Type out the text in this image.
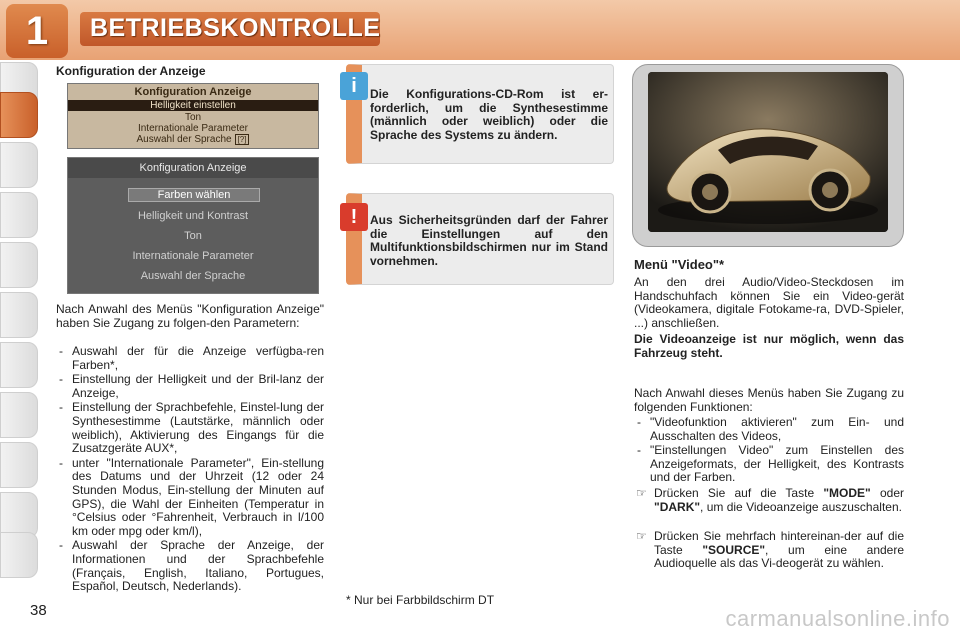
1	BETRIEBSKONTROLLE
38
Konfiguration der Anzeige
Konfiguration Anzeige
Helligkeit einstellen
Ton
Internationale Parameter
Auswahl der Sprache [?]
Konfiguration Anzeige
Farben wählen
Helligkeit und Kontrast
Ton
Internationale Parameter
Auswahl der Sprache
Nach Anwahl des Menüs "Konfiguration Anzeige" haben Sie Zugang zu folgen-den Parametern:
- Auswahl der für die Anzeige verfügba-ren Farben*,
- Einstellung der Helligkeit und der Bril-lanz der Anzeige,
- Einstellung der Sprachbefehle, Einstel-lung der Synthesestimme (Lautstärke, männlich oder weiblich), Aktivierung des Eingangs für die Zusatzgeräte AUX*,
- unter "Internationale Parameter", Ein-stellung des Datums und der Uhrzeit (12 oder 24 Stunden Modus, Ein-stellung der Minuten auf GPS), die Wahl der Einheiten (Temperatur in °Celsius oder °Fahrenheit, Verbrauch in l/100 km oder mpg oder km/l),
- Auswahl der Sprache der Anzeige, der Informationen und der Sprachbefehle (Français, English, Italiano, Portugues, Español, Deutsch, Nederlands).
i	Die Konfigurations-CD-Rom ist er-forderlich, um die Synthesestimme (männlich oder weiblich) oder die Sprache des Systems zu ändern.
!	Aus Sicherheitsgründen darf der Fahrer die Einstellungen auf den Multifunktionsbildschirmen nur im Stand vornehmen.
* Nur bei Farbbildschirm DT
Menü "Video"*
An den drei Audio/Video-Steckdosen im Handschuhfach können Sie ein Video-gerät (Videokamera, digitale Fotokame-ra, DVD-Spieler, ...) anschließen.
Die Videoanzeige ist nur möglich, wenn das Fahrzeug steht.
Nach Anwahl dieses Menüs haben Sie Zugang zu folgenden Funktionen:
- "Videofunktion aktivieren" zum Ein- und Ausschalten des Videos,
- "Einstellungen Video" zum Einstellen des Anzeigeformats, der Helligkeit, des Kontrasts und der Farben.
☞ Drücken Sie auf die Taste "MODE" oder "DARK", um die Videoanzeige auszuschalten.
☞ Drücken Sie mehrfach hintereinan-der auf die Taste "SOURCE", um eine andere Audioquelle als das Vi-deogerät zu wählen.
carmanualsonline.info
